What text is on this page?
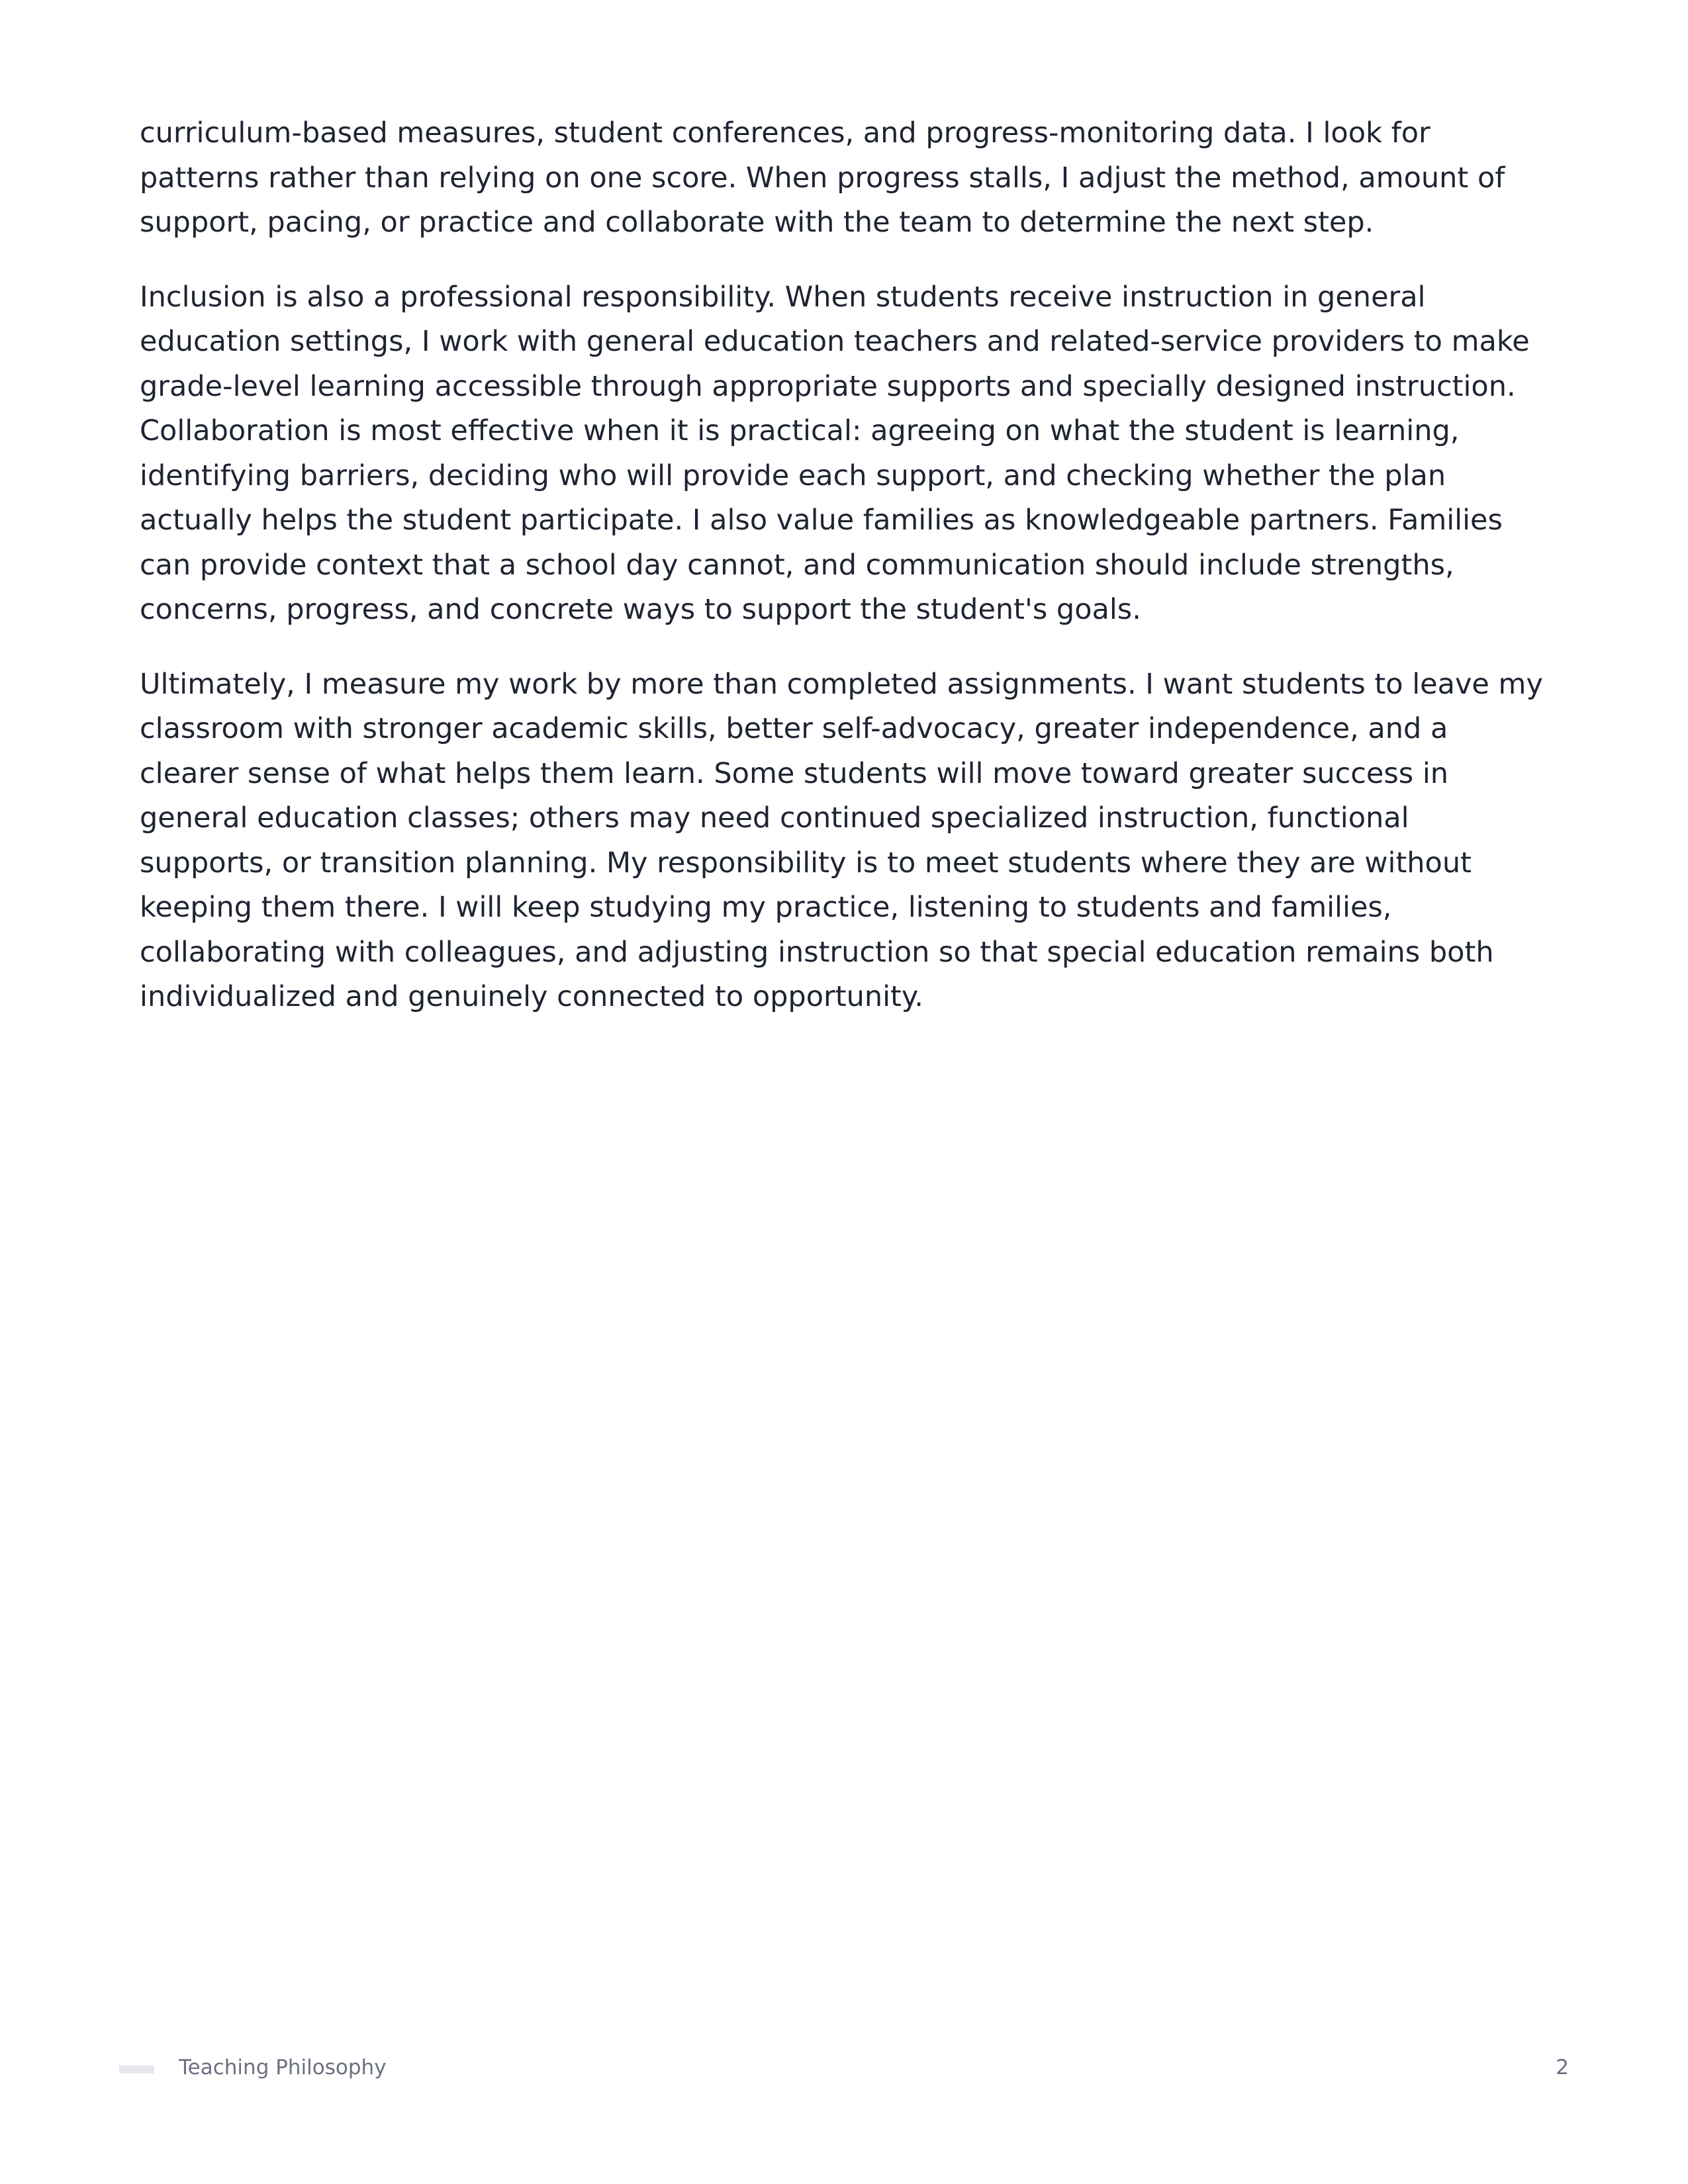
curriculum-based measures, student conferences, and progress-monitoring data. I look for patterns rather than relying on one score. When progress stalls, I adjust the method, amount of support, pacing, or practice and collaborate with the team to determine the next step.

Inclusion is also a professional responsibility. When students receive instruction in general education settings, I work with general education teachers and related-service providers to make grade-level learning accessible through appropriate supports and specially designed instruction. Collaboration is most effective when it is practical: agreeing on what the student is learning, identifying barriers, deciding who will provide each support, and checking whether the plan actually helps the student participate. I also value families as knowledgeable partners. Families can provide context that a school day cannot, and communication should include strengths, concerns, progress, and concrete ways to support the student's goals.

Ultimately, I measure my work by more than completed assignments. I want students to leave my classroom with stronger academic skills, better self-advocacy, greater independence, and a clearer sense of what helps them learn. Some students will move toward greater success in general education classes; others may need continued specialized instruction, functional supports, or transition planning. My responsibility is to meet students where they are without keeping them there. I will keep studying my practice, listening to students and families, collaborating with colleagues, and adjusting instruction so that special education remains both individualized and genuinely connected to opportunity.

Teaching Philosophy	2
